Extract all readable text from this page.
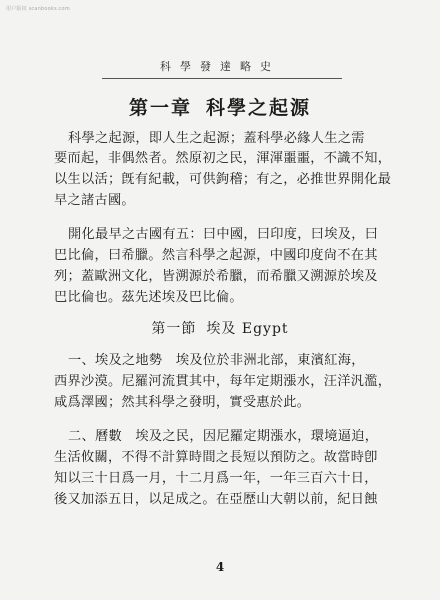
用户版权 scanbooks.com
科學發達略史
第一章 科學之起源
科學之起源，即人生之起源；蓋科學必緣人生之需
要而起，非偶然者。然原初之民，渾渾噩噩，不識不知，
以生以活；旣有紀載，可供鉤稽；有之，必推世界開化最
早之諸古國。
開化最早之古國有五：曰中國，曰印度，曰埃及，曰
巴比倫，曰希臘。然言科學之起源，中國印度尙不在其
列；蓋歐洲文化，皆溯源於希臘，而希臘又溯源於埃及
巴比倫也。茲先述埃及巴比倫。
第一節 埃及 Egypt
一、埃及之地勢　埃及位於非洲北部，東濱紅海，
西界沙漠。尼羅河流貫其中，每年定期漲水，汪洋汎濫，
咸爲澤國；然其科學之發明，實受惠於此。
二、曆數　埃及之民，因尼羅定期漲水，環境逼迫，
生活攸關，不得不計算時間之長短以預防之。故當時卽
知以三十日爲一月，十二月爲一年，一年三百六十日，
後又加添五日，以足成之。在亞歷山大朝以前，紀日蝕
4
